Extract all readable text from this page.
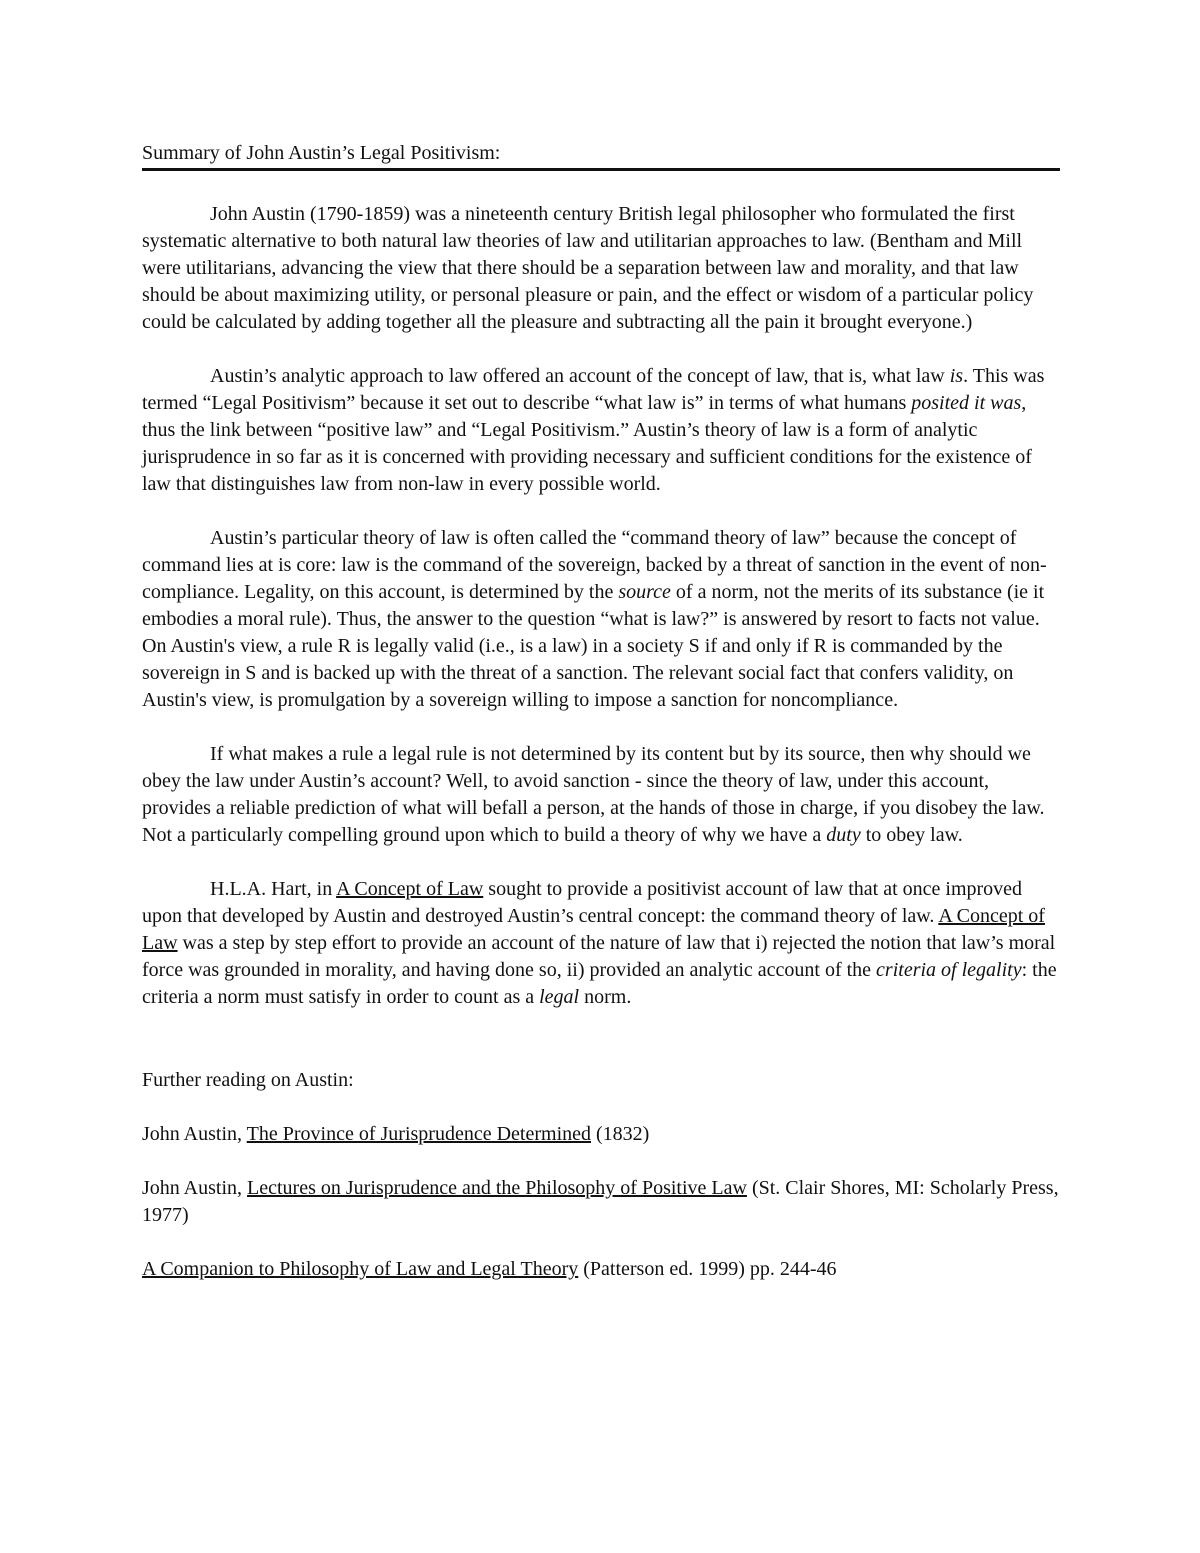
Summary of John Austin’s Legal Positivism:

John Austin (1790-1859) was a nineteenth century British legal philosopher who formulated the first systematic alternative to both natural law theories of law and utilitarian approaches to law. (Bentham and Mill were utilitarians, advancing the view that there should be a separation between law and morality, and that law should be about maximizing utility, or personal pleasure or pain, and the effect or wisdom of a particular policy could be calculated by adding together all the pleasure and subtracting all the pain it brought everyone.)

Austin’s analytic approach to law offered an account of the concept of law, that is, what law is. This was termed “Legal Positivism” because it set out to describe “what law is” in terms of what humans posited it was, thus the link between “positive law” and “Legal Positivism.” Austin’s theory of law is a form of analytic jurisprudence in so far as it is concerned with providing necessary and sufficient conditions for the existence of law that distinguishes law from non-law in every possible world.

Austin’s particular theory of law is often called the “command theory of law” because the concept of command lies at is core: law is the command of the sovereign, backed by a threat of sanction in the event of non-compliance. Legality, on this account, is determined by the source of a norm, not the merits of its substance (ie it embodies a moral rule). Thus, the answer to the question “what is law?” is answered by resort to facts not value. On Austin's view, a rule R is legally valid (i.e., is a law) in a society S if and only if R is commanded by the sovereign in S and is backed up with the threat of a sanction. The relevant social fact that confers validity, on Austin's view, is promulgation by a sovereign willing to impose a sanction for noncompliance.

If what makes a rule a legal rule is not determined by its content but by its source, then why should we obey the law under Austin’s account? Well, to avoid sanction - since the theory of law, under this account, provides a reliable prediction of what will befall a person, at the hands of those in charge, if you disobey the law. Not a particularly compelling ground upon which to build a theory of why we have a duty to obey law.

H.L.A. Hart, in A Concept of Law sought to provide a positivist account of law that at once improved upon that developed by Austin and destroyed Austin’s central concept: the command theory of law. A Concept of Law was a step by step effort to provide an account of the nature of law that i) rejected the notion that law’s moral force was grounded in morality, and having done so, ii) provided an analytic account of the criteria of legality: the criteria a norm must satisfy in order to count as a legal norm.

Further reading on Austin:
John Austin, The Province of Jurisprudence Determined (1832)
John Austin, Lectures on Jurisprudence and the Philosophy of Positive Law (St. Clair Shores, MI: Scholarly Press, 1977)
A Companion to Philosophy of Law and Legal Theory (Patterson ed. 1999) pp. 244-46
